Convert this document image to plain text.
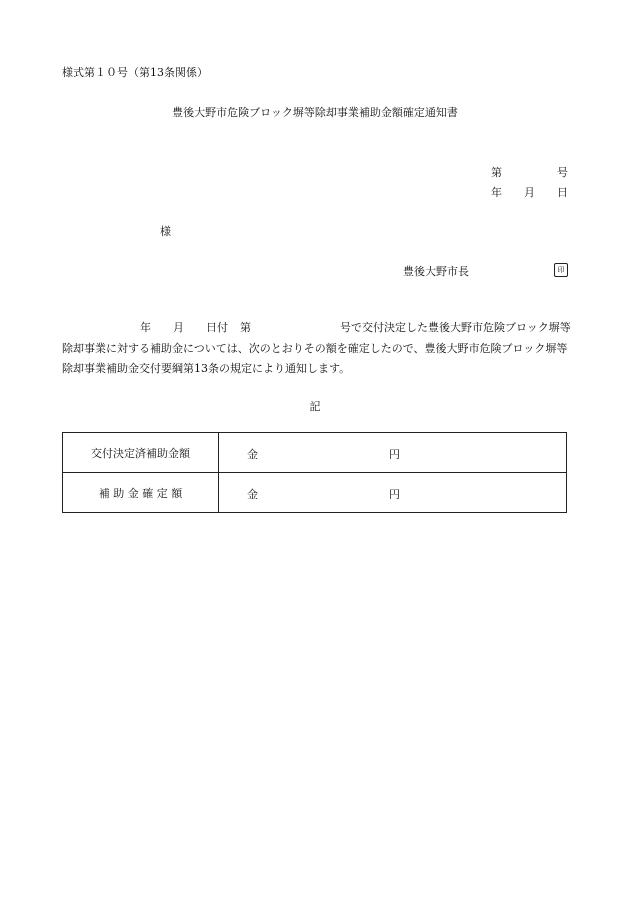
様式第１０号（第13条関係）
豊後大野市危険ブロック塀等除却事業補助金額確定通知書
第	号
年 月 日
様
豊後大野市長	印
年 月 日付 第	号で交付決定した豊後大野市危険ブロック塀等
除却事業に対する補助金については、次のとおりその額を確定したので、豊後大野市危険ブロック塀等
除却事業補助金交付要綱第13条の規定により通知します。
記
交付決定済補助金額	金 円

補 助 金 確 定 額	金 円
